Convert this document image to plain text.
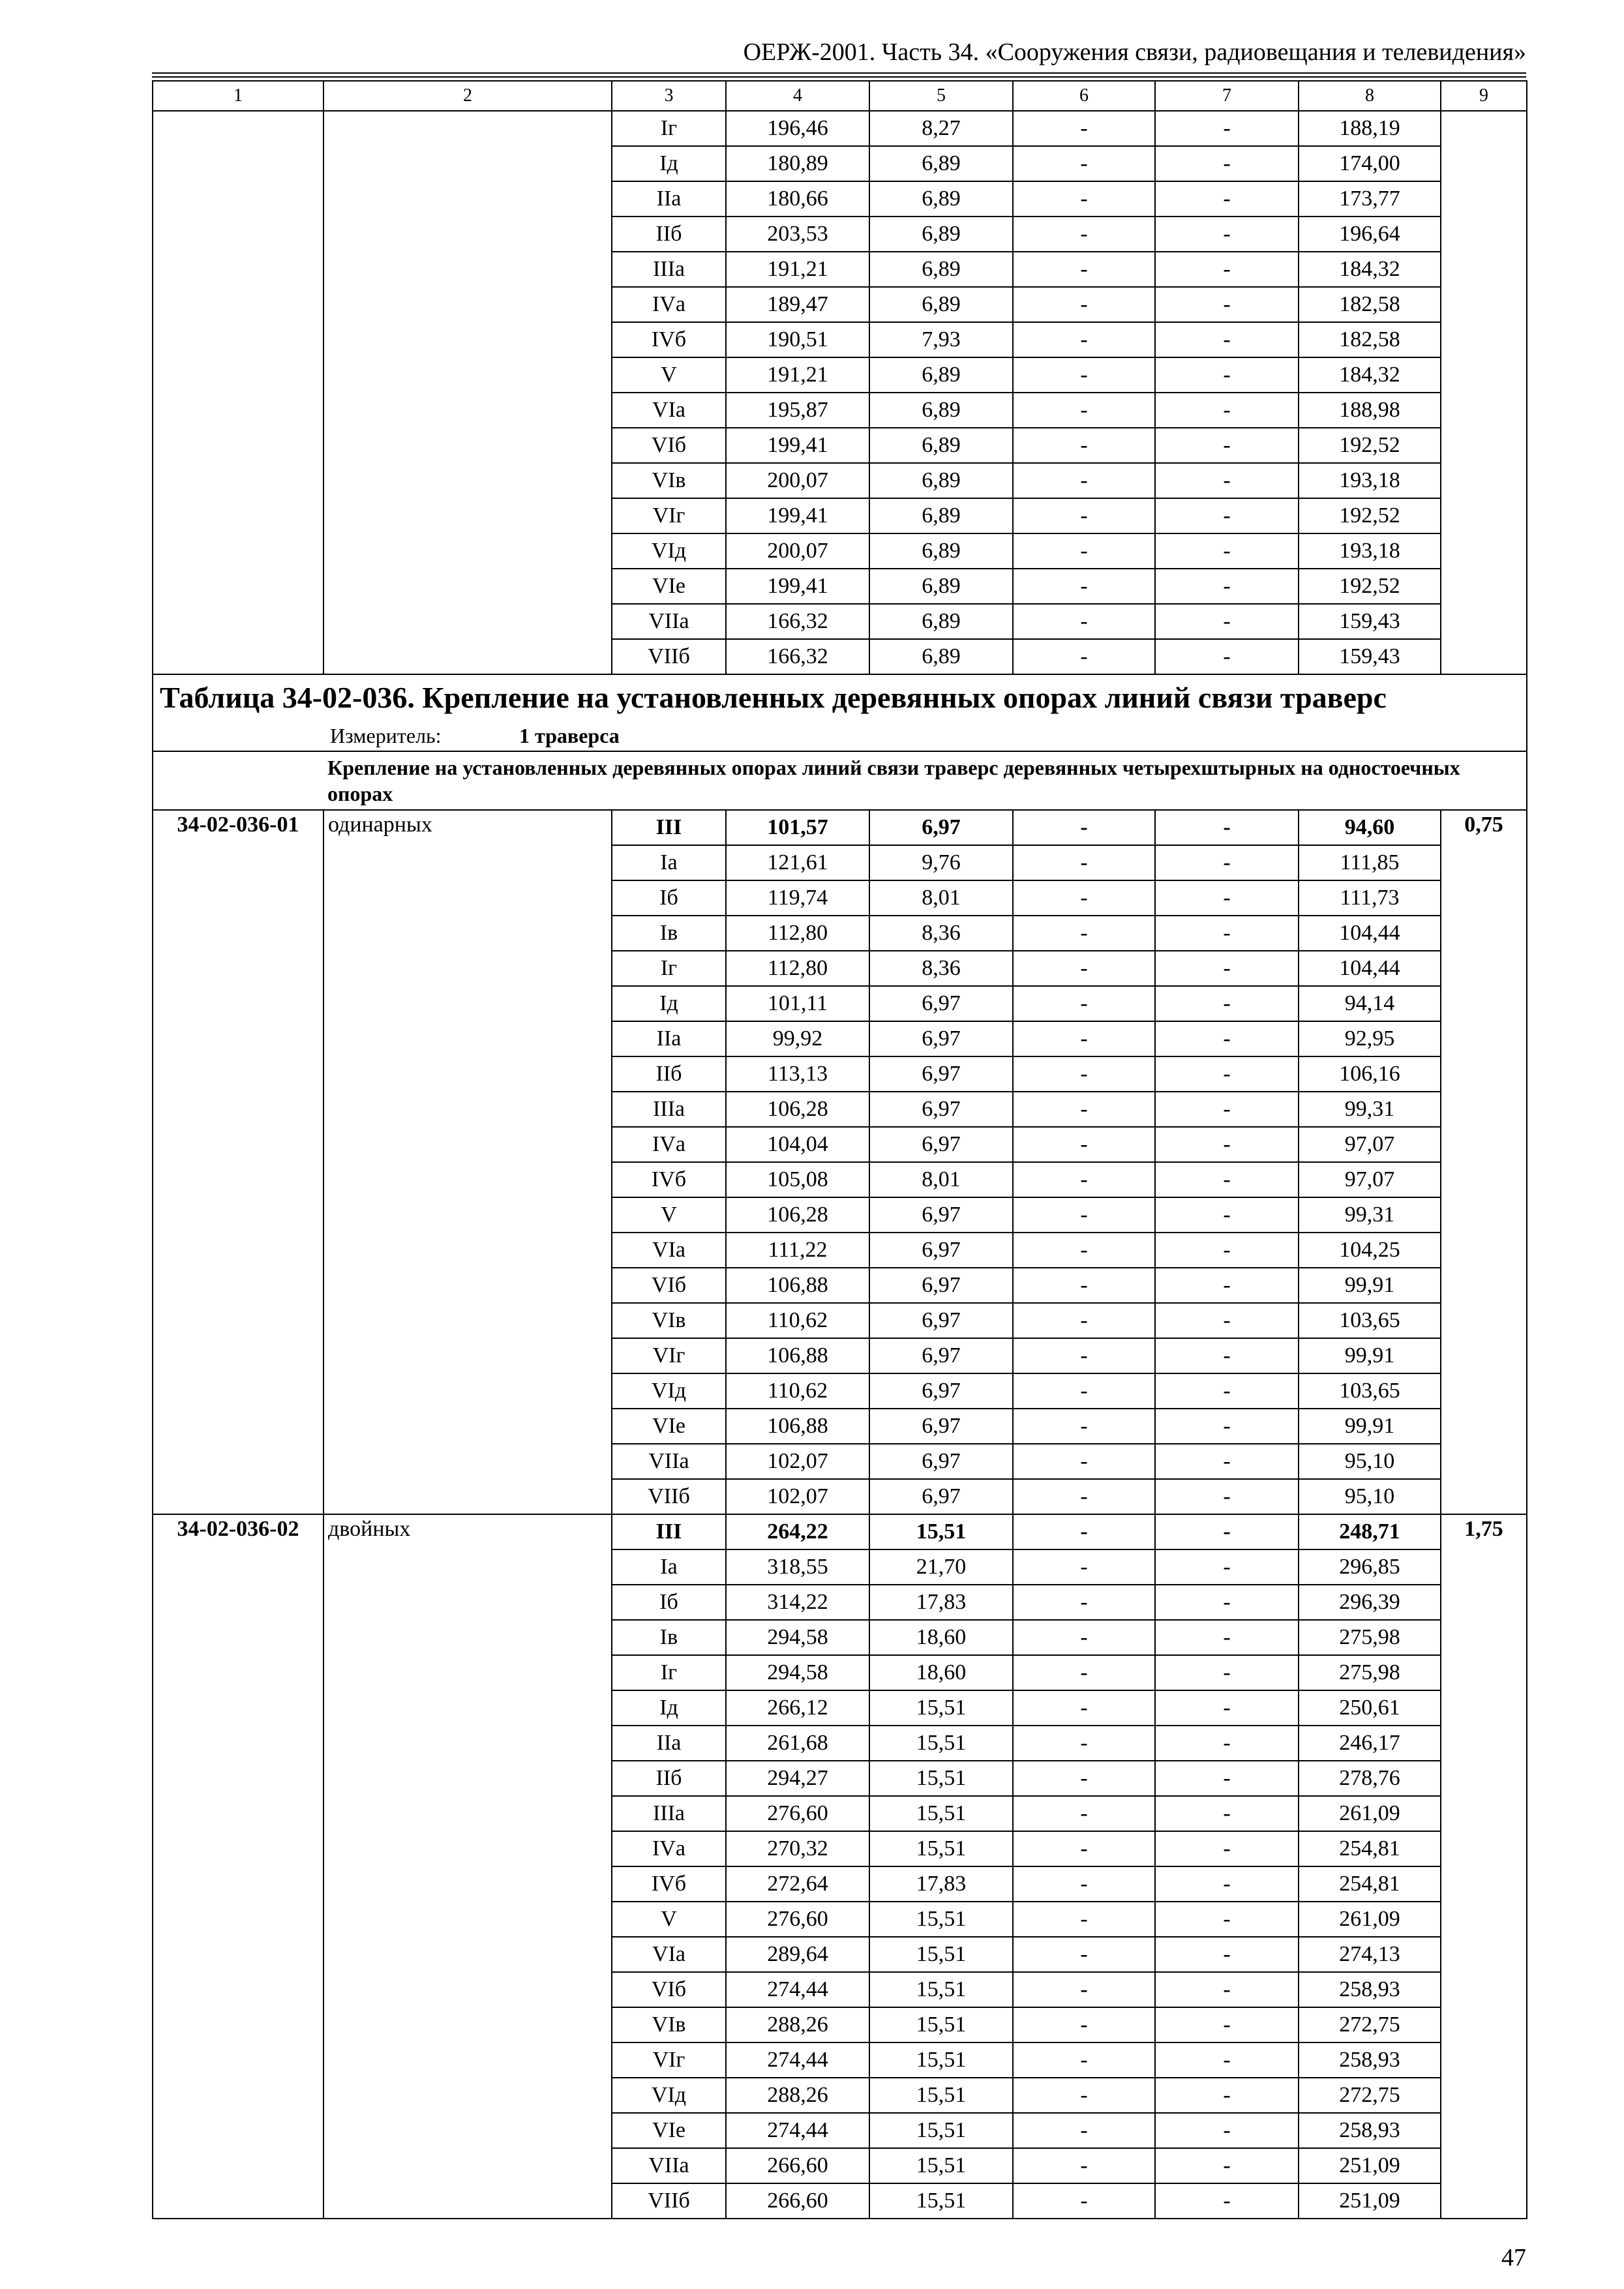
ОЕРЖ-2001. Часть 34. «Сооружения связи, радиовещания и телевидения»
1	2	3	4	5	6	7	8	9
		Iг	196,46	8,27	-	-	188,19	
		Iд	180,89	6,89	-	-	174,00	
		IIа	180,66	6,89	-	-	173,77	
		IIб	203,53	6,89	-	-	196,64	
		IIIа	191,21	6,89	-	-	184,32	
		IVа	189,47	6,89	-	-	182,58	
		IVб	190,51	7,93	-	-	182,58	
		V	191,21	6,89	-	-	184,32	
		VIа	195,87	6,89	-	-	188,98	
		VIб	199,41	6,89	-	-	192,52	
		VIв	200,07	6,89	-	-	193,18	
		VIг	199,41	6,89	-	-	192,52	
		VIд	200,07	6,89	-	-	193,18	
		VIе	199,41	6,89	-	-	192,52	
		VIIа	166,32	6,89	-	-	159,43	
		VIIб	166,32	6,89	-	-	159,43	
Таблица 34-02-036. Крепление на установленных деревянных опорах линий связи траверс								

Измеритель: 1 траверса								

	Крепление на установленных деревянных опорах линий связи траверс деревянных четырехштырных на одностоечных опорах							
34-02-036-01	одинарных	III	101,57	6,97	-	-	94,60	0,75
		Iа	121,61	9,76	-	-	111,85	
		Iб	119,74	8,01	-	-	111,73	
		Iв	112,80	8,36	-	-	104,44	
		Iг	112,80	8,36	-	-	104,44	
		Iд	101,11	6,97	-	-	94,14	
		IIа	99,92	6,97	-	-	92,95	
		IIб	113,13	6,97	-	-	106,16	
		IIIа	106,28	6,97	-	-	99,31	
		IVа	104,04	6,97	-	-	97,07	
		IVб	105,08	8,01	-	-	97,07	
		V	106,28	6,97	-	-	99,31	
		VIа	111,22	6,97	-	-	104,25	
		VIб	106,88	6,97	-	-	99,91	
		VIв	110,62	6,97	-	-	103,65	
		VIг	106,88	6,97	-	-	99,91	
		VIд	110,62	6,97	-	-	103,65	
		VIе	106,88	6,97	-	-	99,91	
		VIIа	102,07	6,97	-	-	95,10	
		VIIб	102,07	6,97	-	-	95,10	
34-02-036-02	двойных	III	264,22	15,51	-	-	248,71	1,75
		Iа	318,55	21,70	-	-	296,85	
		Iб	314,22	17,83	-	-	296,39	
		Iв	294,58	18,60	-	-	275,98	
		Iг	294,58	18,60	-	-	275,98	
		Iд	266,12	15,51	-	-	250,61	
		IIа	261,68	15,51	-	-	246,17	
		IIб	294,27	15,51	-	-	278,76	
		IIIа	276,60	15,51	-	-	261,09	
		IVа	270,32	15,51	-	-	254,81	
		IVб	272,64	17,83	-	-	254,81	
		V	276,60	15,51	-	-	261,09	
		VIа	289,64	15,51	-	-	274,13	
		VIб	274,44	15,51	-	-	258,93	
		VIв	288,26	15,51	-	-	272,75	
		VIг	274,44	15,51	-	-	258,93	
		VIд	288,26	15,51	-	-	272,75	
		VIе	274,44	15,51	-	-	258,93	
		VIIа	266,60	15,51	-	-	251,09	
		VIIб	266,60	15,51	-	-	251,09	
47
